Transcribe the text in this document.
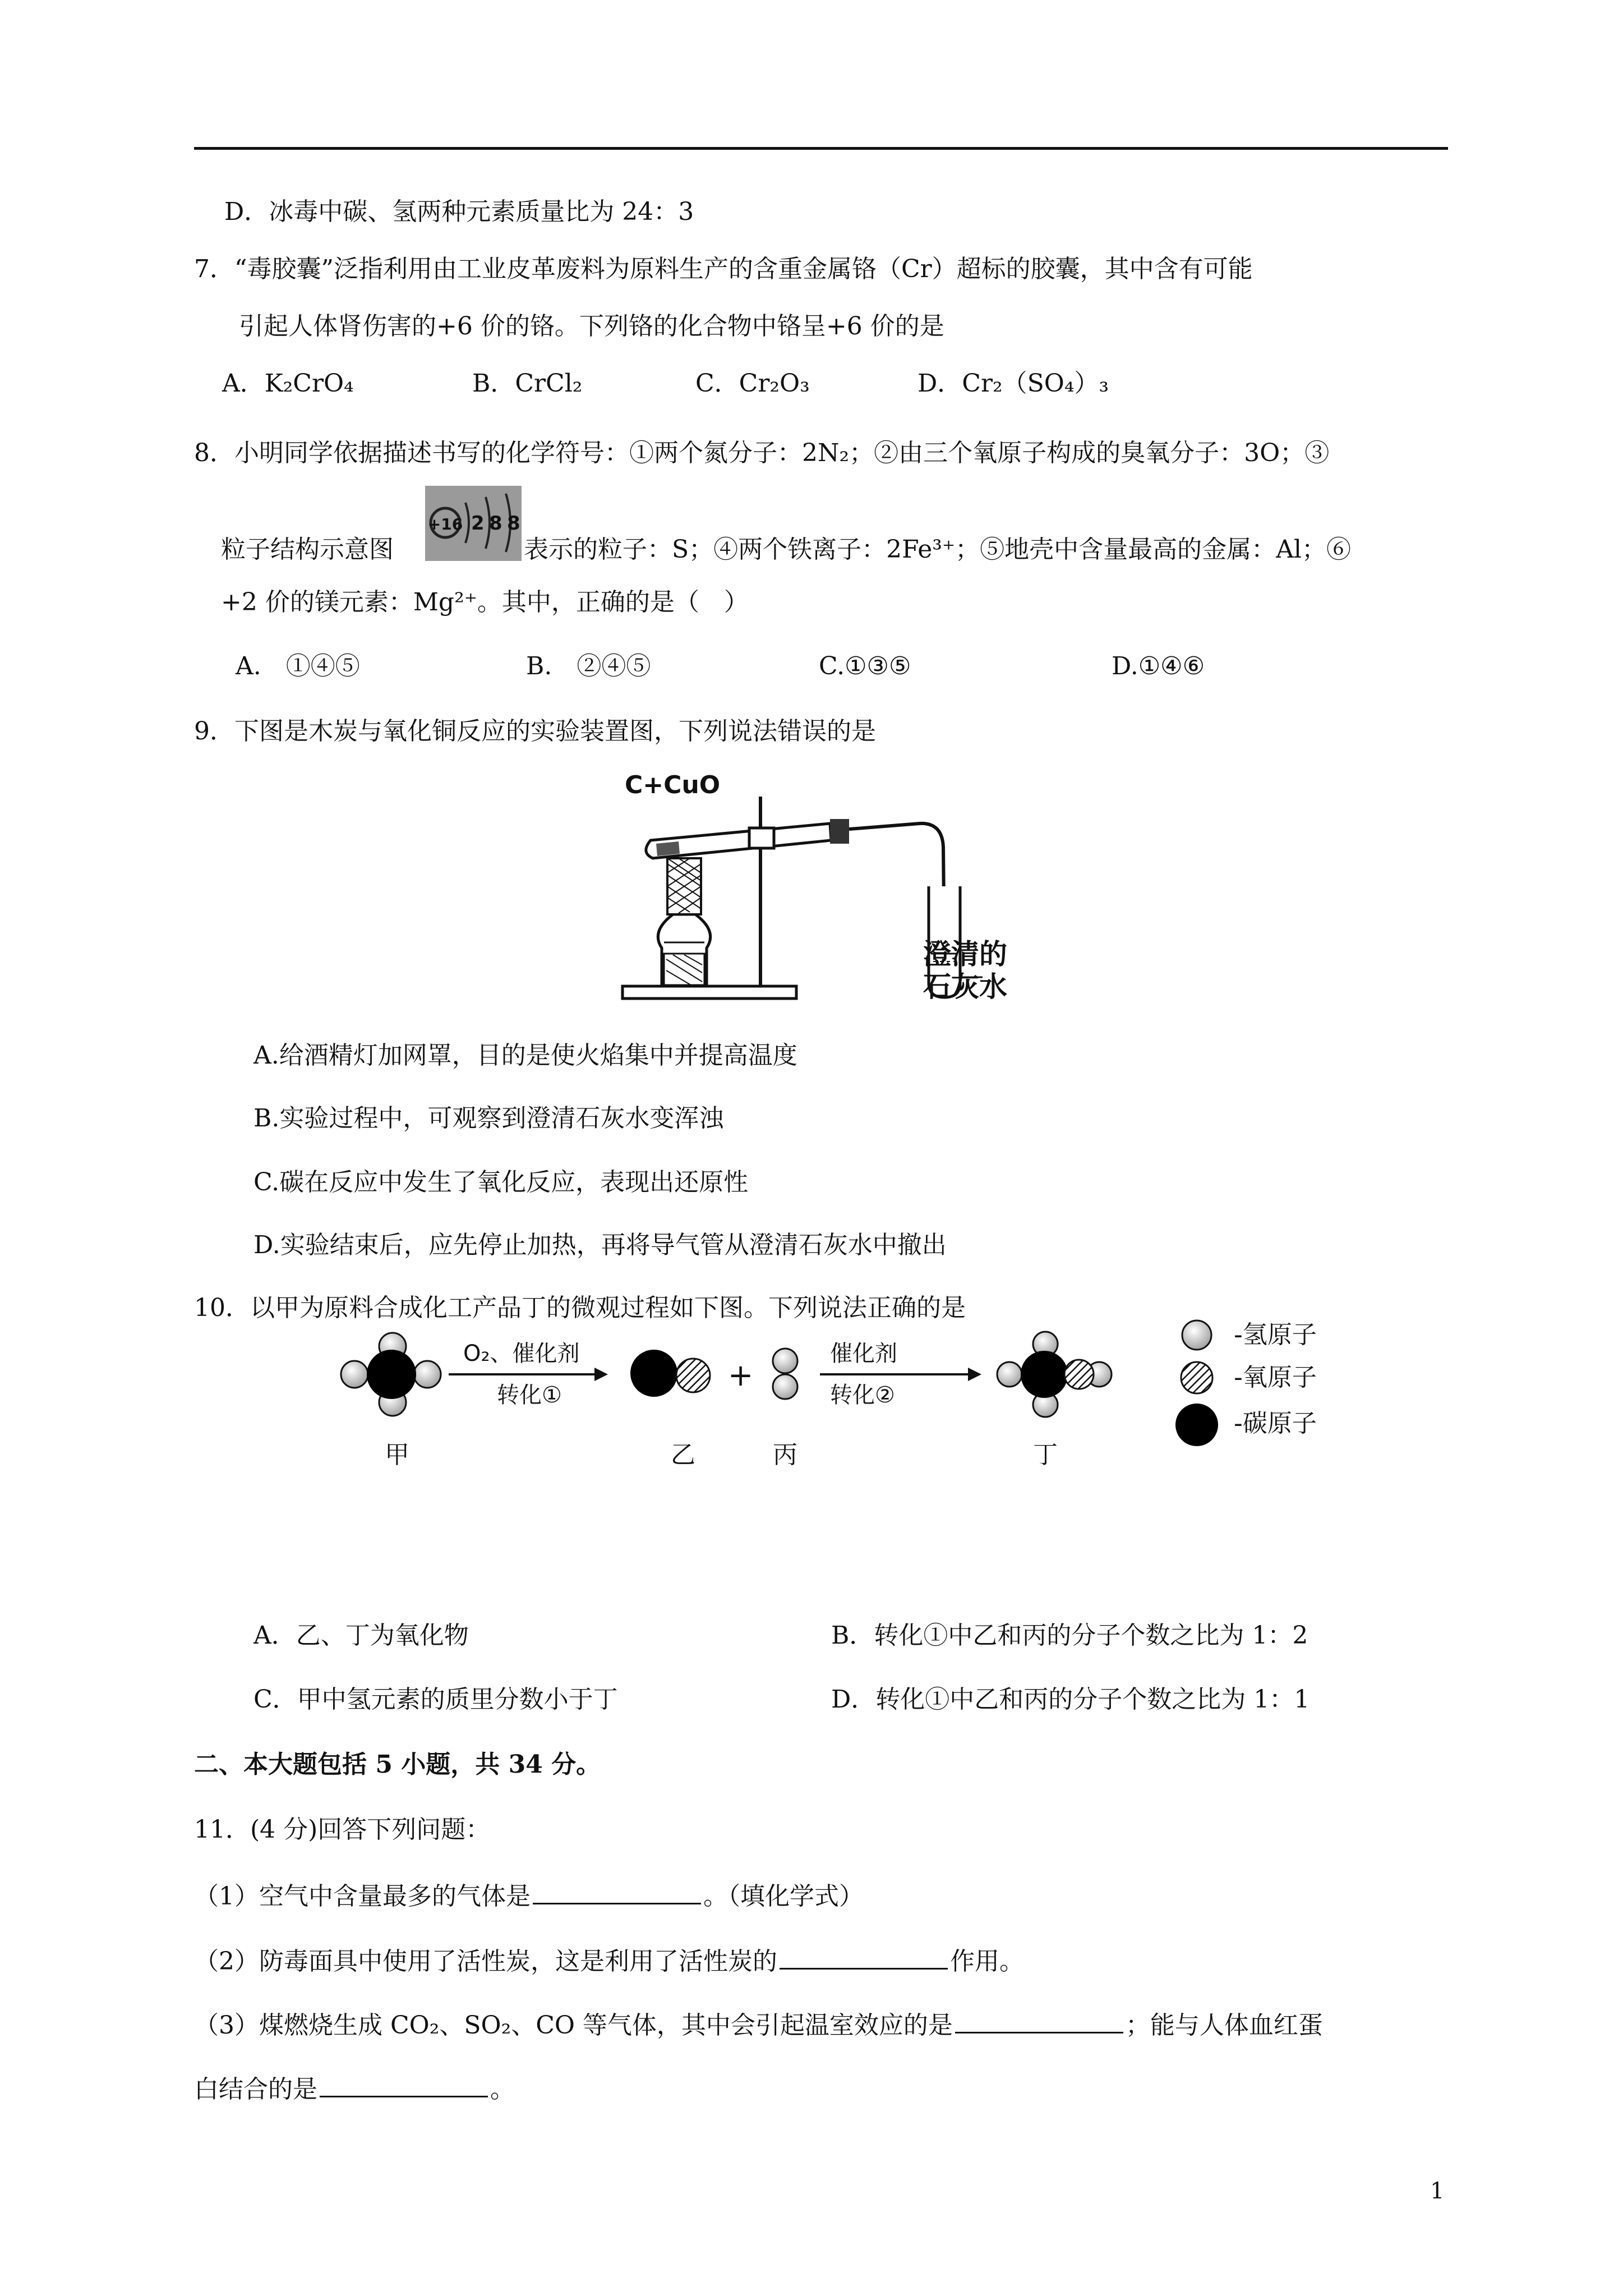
D．冰毒中碳、氢两种元素质量比为 24：3
7．“毒胶囊”泛指利用由工业皮革废料为原料生产的含重金属铬（Cr）超标的胶囊，其中含有可能
引起人体肾伤害的+6 价的铬。下列铬的化合物中铬呈+6 价的是
A．K₂CrO₄	B．CrCl₂	C．Cr₂O₃	D．Cr₂（SO₄）₃
8．小明同学依据描述书写的化学符号：①两个氮分子：2N₂；②由三个氧原子构成的臭氧分子：3O；③
粒子结构示意图
+16 2 8 8
表示的粒子：S；④两个铁离子：2Fe³⁺；⑤地壳中含量最高的金属：Al；⑥
+2 价的镁元素：Mg²⁺。其中，正确的是（　）
A.　①④⑤	B.　②④⑤	C.①③⑤	D.①④⑥
9．下图是木炭与氧化铜反应的实验装置图，下列说法错误的是
C+CuO
澄清的
石灰水
A.给酒精灯加网罩，目的是使火焰集中并提高温度
B.实验过程中，可观察到澄清石灰水变浑浊
C.碳在反应中发生了氧化反应，表现出还原性
D.实验结束后，应先停止加热，再将导气管从澄清石灰水中撤出
10．以甲为原料合成化工产品丁的微观过程如下图。下列说法正确的是
O₂、催化剂
转化①
+
催化剂
转化②
甲	乙	丙	丁
-氢原子
-氧原子
-碳原子
A．乙、丁为氧化物	B．转化①中乙和丙的分子个数之比为 1：2
C．甲中氢元素的质里分数小于丁	D．转化①中乙和丙的分子个数之比为 1：1
二、本大题包括 5 小题，共 34 分。
11．(4 分)回答下列问题：
（1）空气中含量最多的气体是	。（填化学式）
（2）防毒面具中使用了活性炭，这是利用了活性炭的	作用。
（3）煤燃烧生成 CO₂、SO₂、CO 等气体，其中会引起温室效应的是	；能与人体血红蛋
白结合的是	。
1
